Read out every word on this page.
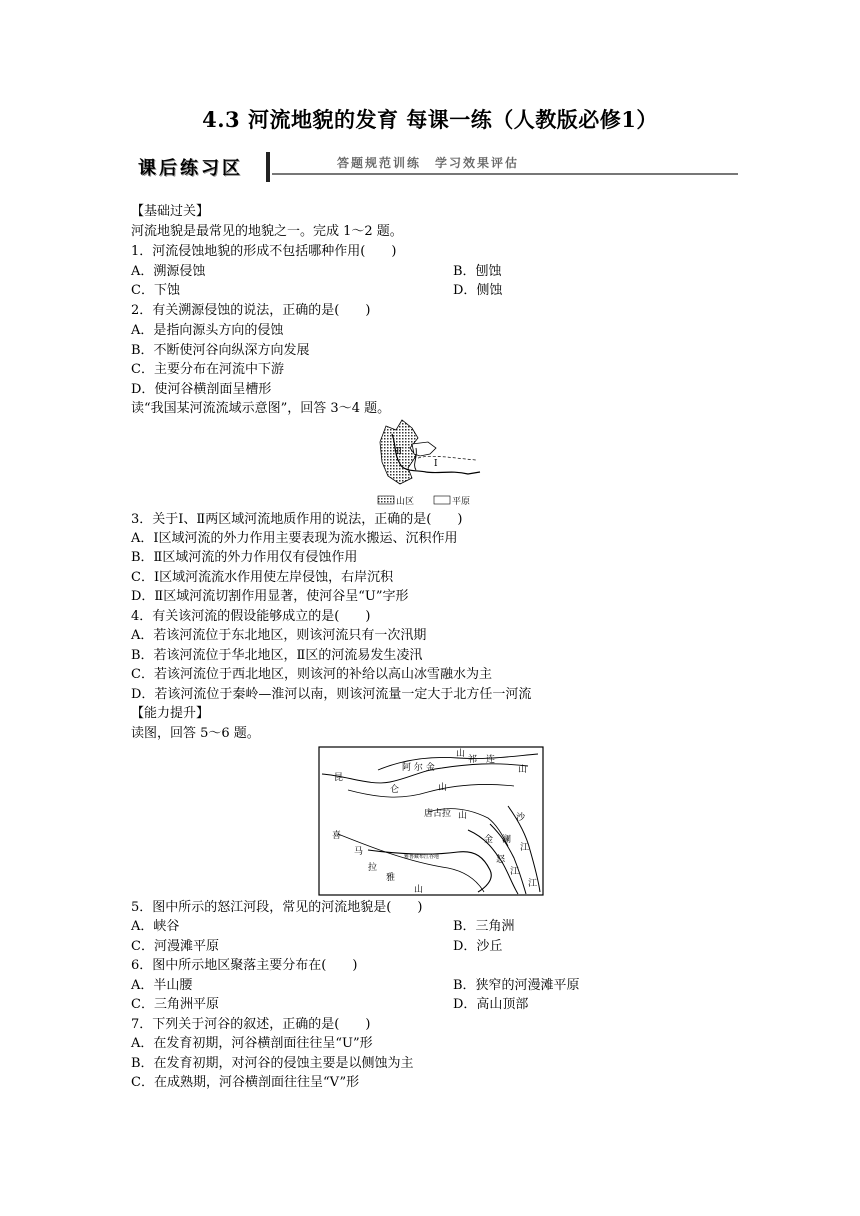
4.3 河流地貌的发育 每课一练（人教版必修1）
课后练习区	答题规范训练　学习效果评估
【基础过关】
河流地貌是最常见的地貌之一。完成 1～2 题。
1．河流侵蚀地貌的形成不包括哪种作用(　　)
A．溯源侵蚀	B．刨蚀
C．下蚀	D．侧蚀
2．有关溯源侵蚀的说法，正确的是(　　)
A．是指向源头方向的侵蚀
B．不断使河谷向纵深方向发展
C．主要分布在河流中下游
D．使河谷横剖面呈槽形
读“我国某河流流域示意图”，回答 3～4 题。
Ⅱ
Ⅰ
山区	平原
3．关于Ⅰ、Ⅱ两区域河流地质作用的说法，正确的是(　　)
A．Ⅰ区域河流的外力作用主要表现为流水搬运、沉积作用
B．Ⅱ区域河流的外力作用仅有侵蚀作用
C．Ⅰ区域河流流水作用使左岸侵蚀，右岸沉积
D．Ⅱ区域河流切割作用显著，使河谷呈“U”字形
4．有关该河流的假设能够成立的是(　　)
A．若该河流位于东北地区，则该河流只有一次汛期
B．若该河流位于华北地区，Ⅱ区的河流易发生凌汛
C．若该河流位于西北地区，则该河的补给以高山冰雪融水为主
D．若该河流位于秦岭—淮河以南，则该河流量一定大于北方任一河流
【能力提升】
读图，回答 5～6 题。
昆
仑	山
阿 尔 金
山
祁　连
山
唐古拉 山
喜
马
拉
雅
山
雅鲁藏布江谷地
金
沙
江
澜
怒
江
江
5．图中所示的怒江河段，常见的河流地貌是(　　)
A．峡谷	B．三角洲
C．河漫滩平原	D．沙丘
6．图中所示地区聚落主要分布在(　　)
A．半山腰	B．狭窄的河漫滩平原
C．三角洲平原	D．高山顶部
7．下列关于河谷的叙述，正确的是(　　)
A．在发育初期，河谷横剖面往往呈“U”形
B．在发育初期，对河谷的侵蚀主要是以侧蚀为主
C．在成熟期，河谷横剖面往往呈“V”形
